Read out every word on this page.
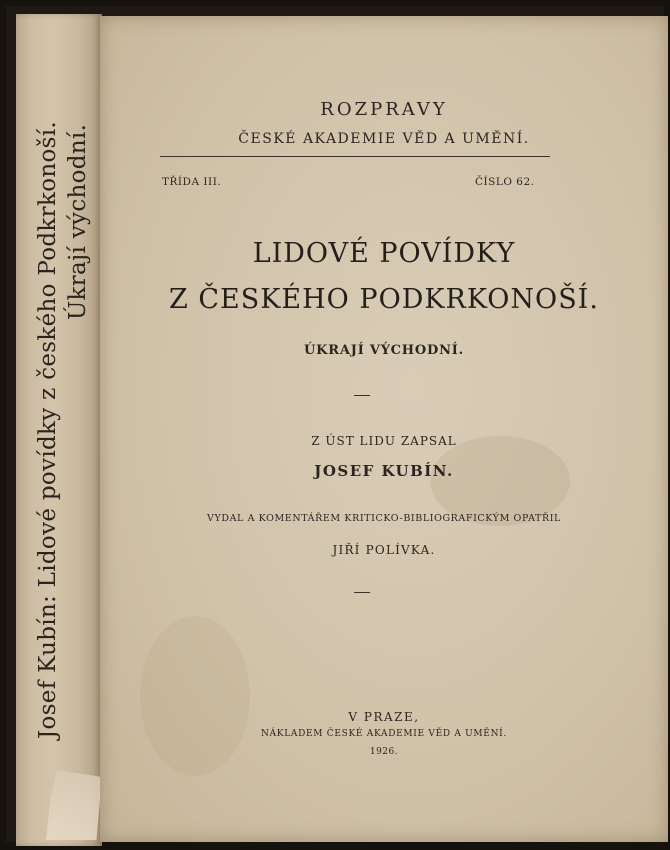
Josef Kubín: Lidové povídky z českého Podkrkonoší. Úkrají východní.
ROZPRAVY
ČESKÉ AKADEMIE VĚD A UMĚNÍ.
TŘÍDA III.	ČÍSLO 62.
LIDOVÉ POVÍDKY
Z ČESKÉHO PODKRKONOŠÍ.
ÚKRAJÍ VÝCHODNÍ.
Z ÚST LIDU ZAPSAL
JOSEF KUBÍN.
VYDAL A KOMENTÁŘEM KRITICKO-BIBLIOGRAFICKÝM OPATŘIL
JIŘÍ POLÍVKA.
V PRAZE,
NÁKLADEM ČESKÉ AKADEMIE VĚD A UMĚNÍ.
1926.
